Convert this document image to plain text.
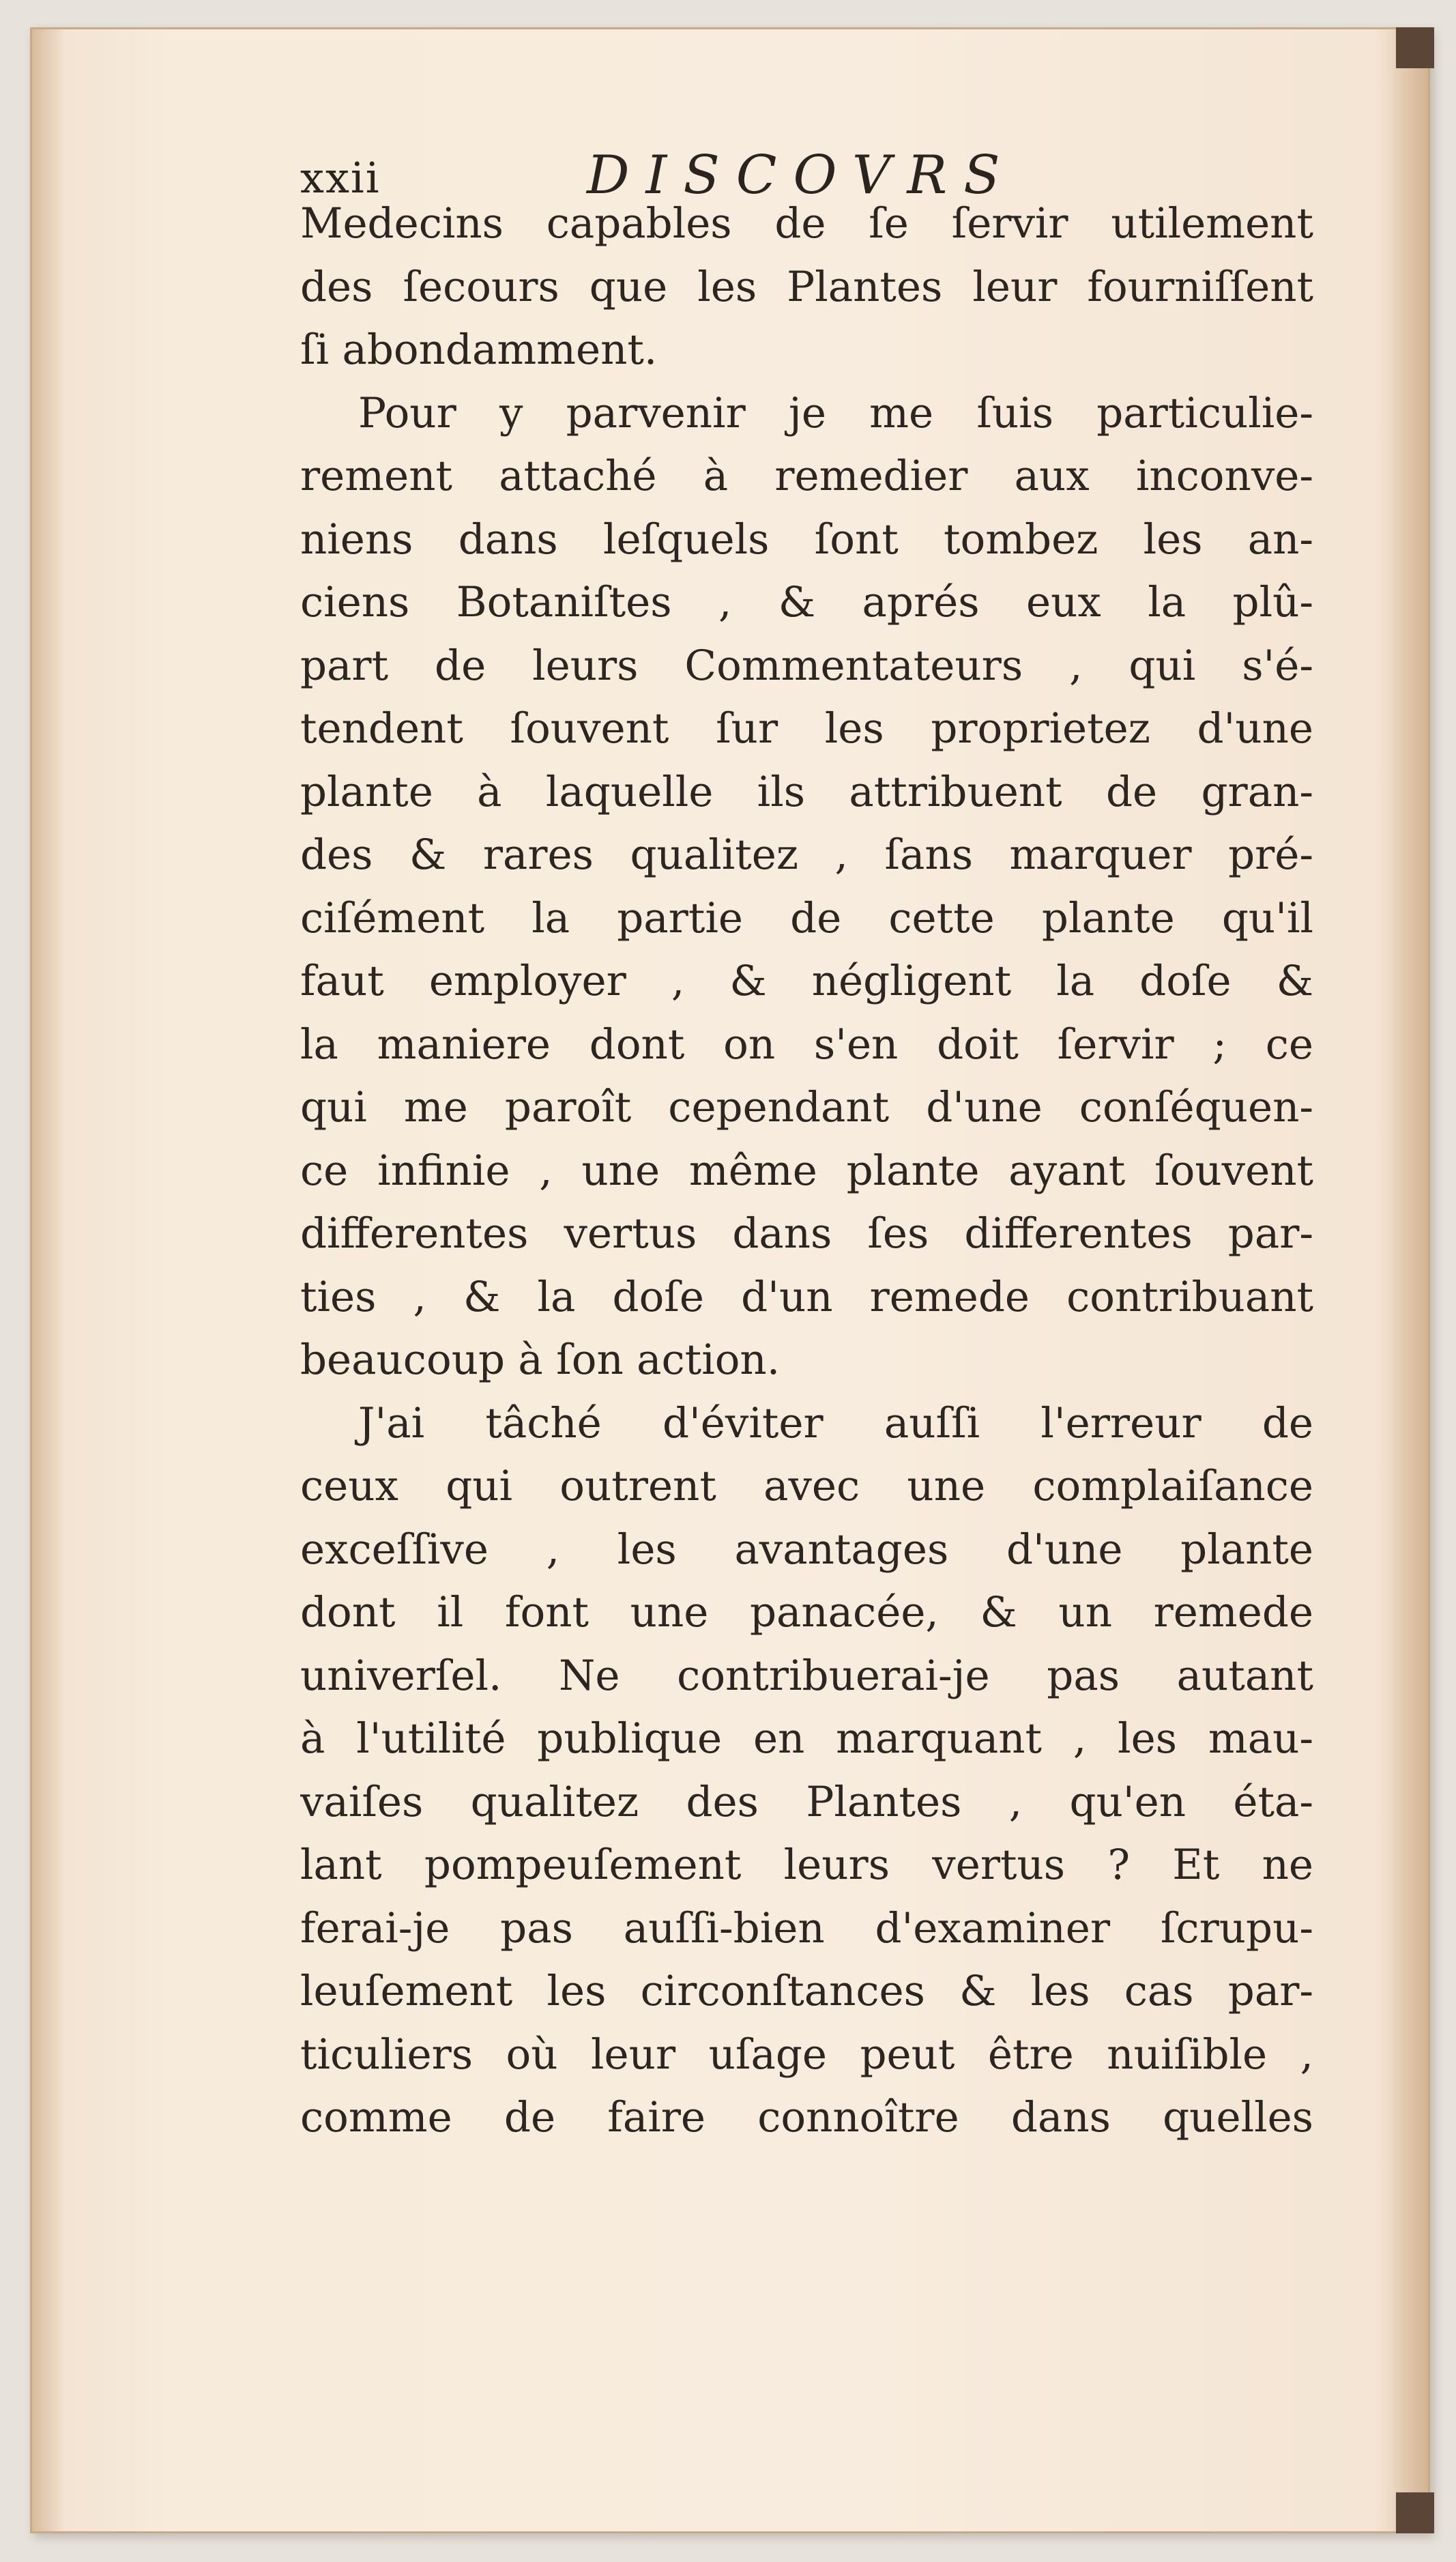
xxii	DISCOVRS
Medecins capables de ſe ſervir utilement
des ſecours que les Plantes leur fourniſſent
ſi abondamment.
Pour y parvenir je me ſuis particulie-
rement attaché à remedier aux inconve-
niens dans leſquels ſont tombez les an-
ciens Botaniſtes , & aprés eux la plû-
part de leurs Commentateurs , qui s'é-
tendent ſouvent ſur les proprietez d'une
plante à laquelle ils attribuent de gran-
des & rares qualitez , ſans marquer pré-
ciſément la partie de cette plante qu'il
faut employer , & négligent la doſe &
la maniere dont on s'en doit ſervir ; ce
qui me paroît cependant d'une conſéquen-
ce infinie , une même plante ayant ſouvent
differentes vertus dans ſes differentes par-
ties , & la doſe d'un remede contribuant
beaucoup à ſon action.
J'ai tâché d'éviter auſſi l'erreur de
ceux qui outrent avec une complaiſance
exceſſive , les avantages d'une plante
dont il font une panacée, & un remede
univerſel. Ne contribuerai-je pas autant
à l'utilité publique en marquant , les mau-
vaiſes qualitez des Plantes , qu'en éta-
lant pompeuſement leurs vertus ? Et ne
ferai-je pas auſſi-bien d'examiner ſcrupu-
leuſement les circonſtances & les cas par-
ticuliers où leur uſage peut être nuiſible ,
comme de faire connoître dans quelles
